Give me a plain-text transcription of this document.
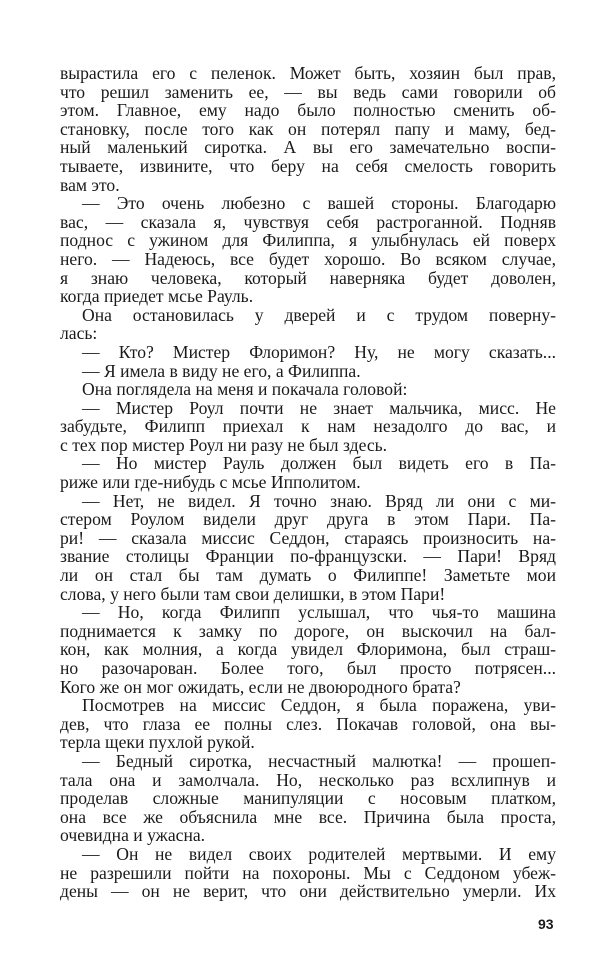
вырастила его с пеленок. Может быть, хозяин был прав,
что решил заменить ее, — вы ведь сами говорили об
этом. Главное, ему надо было полностью сменить об-
становку, после того как он потерял папу и маму, бед-
ный маленький сиротка. А вы его замечательно воспи-
тываете, извините, что беру на себя смелость говорить
вам это.
— Это очень любезно с вашей стороны. Благодарю
вас, — сказала я, чувствуя себя растроганной. Подняв
поднос с ужином для Филиппа, я улыбнулась ей поверх
него. — Надеюсь, все будет хорошо. Во всяком случае,
я знаю человека, который наверняка будет доволен,
когда приедет мсье Рауль.
Она остановилась у дверей и с трудом поверну-
лась:
— Кто? Мистер Флоримон? Ну, не могу сказать...
— Я имела в виду не его, а Филиппа.
Она поглядела на меня и покачала головой:
— Мистер Роул почти не знает мальчика, мисс. Не
забудьте, Филипп приехал к нам незадолго до вас, и
с тех пор мистер Роул ни разу не был здесь.
— Но мистер Рауль должен был видеть его в Па-
риже или где-нибудь с мсье Ипполитом.
— Нет, не видел. Я точно знаю. Вряд ли они с ми-
стером Роулом видели друг друга в этом Пари. Па-
ри! — сказала миссис Седдон, стараясь произносить на-
звание столицы Франции по-французски. — Пари! Вряд
ли он стал бы там думать о Филиппе! Заметьте мои
слова, у него были там свои делишки, в этом Пари!
— Но, когда Филипп услышал, что чья-то машина
поднимается к замку по дороге, он выскочил на бал-
кон, как молния, а когда увидел Флоримона, был страш-
но разочарован. Более того, был просто потрясен...
Кого же он мог ожидать, если не двоюродного брата?
Посмотрев на миссис Седдон, я была поражена, уви-
дев, что глаза ее полны слез. Покачав головой, она вы-
терла щеки пухлой рукой.
— Бедный сиротка, несчастный малютка! — прошеп-
тала она и замолчала. Но, несколько раз всхлипнув и
проделав сложные манипуляции с носовым платком,
она все же объяснила мне все. Причина была проста,
очевидна и ужасна.
— Он не видел своих родителей мертвыми. И ему
не разрешили пойти на похороны. Мы с Седдоном убеж-
дены — он не верит, что они действительно умерли. Их
93
